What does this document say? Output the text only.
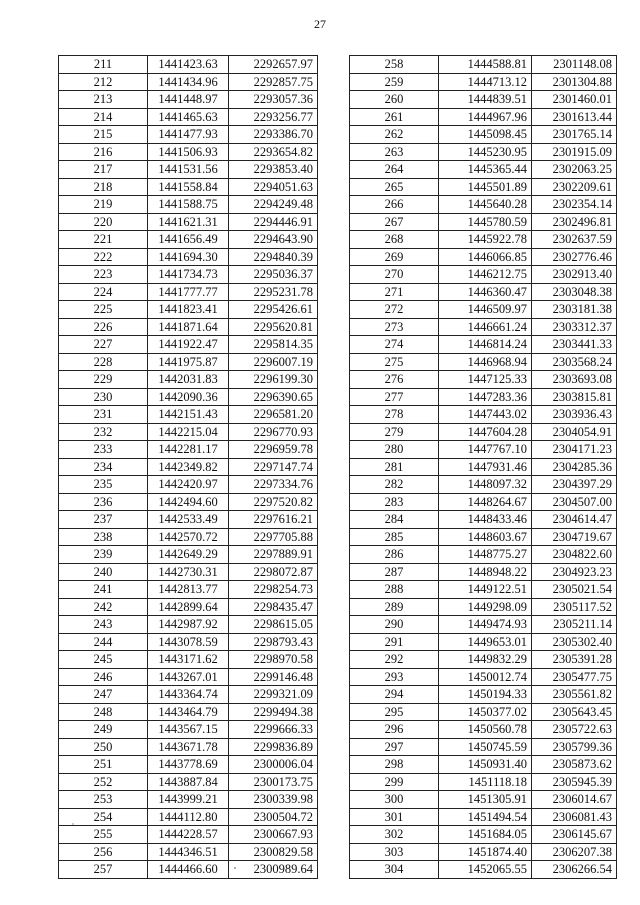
27
211	1441423.63	2292657.97
212	1441434.96	2292857.75
213	1441448.97	2293057.36
214	1441465.63	2293256.77
215	1441477.93	2293386.70
216	1441506.93	2293654.82
217	1441531.56	2293853.40
218	1441558.84	2294051.63
219	1441588.75	2294249.48
220	1441621.31	2294446.91
221	1441656.49	2294643.90
222	1441694.30	2294840.39
223	1441734.73	2295036.37
224	1441777.77	2295231.78
225	1441823.41	2295426.61
226	1441871.64	2295620.81
227	1441922.47	2295814.35
228	1441975.87	2296007.19
229	1442031.83	2296199.30
230	1442090.36	2296390.65
231	1442151.43	2296581.20
232	1442215.04	2296770.93
233	1442281.17	2296959.78
234	1442349.82	2297147.74
235	1442420.97	2297334.76
236	1442494.60	2297520.82
237	1442533.49	2297616.21
238	1442570.72	2297705.88
239	1442649.29	2297889.91
240	1442730.31	2298072.87
241	1442813.77	2298254.73
242	1442899.64	2298435.47
243	1442987.92	2298615.05
244	1443078.59	2298793.43
245	1443171.62	2298970.58
246	1443267.01	2299146.48
247	1443364.74	2299321.09
248	1443464.79	2299494.38
249	1443567.15	2299666.33
250	1443671.78	2299836.89
251	1443778.69	2300006.04
252	1443887.84	2300173.75
253	1443999.21	2300339.98
254	1444112.80	2300504.72
255	1444228.57	2300667.93
256	1444346.51	2300829.58
257	1444466.60	2300989.64
258	1444588.81	2301148.08
259	1444713.12	2301304.88
260	1444839.51	2301460.01
261	1444967.96	2301613.44
262	1445098.45	2301765.14
263	1445230.95	2301915.09
264	1445365.44	2302063.25
265	1445501.89	2302209.61
266	1445640.28	2302354.14
267	1445780.59	2302496.81
268	1445922.78	2302637.59
269	1446066.85	2302776.46
270	1446212.75	2302913.40
271	1446360.47	2303048.38
272	1446509.97	2303181.38
273	1446661.24	2303312.37
274	1446814.24	2303441.33
275	1446968.94	2303568.24
276	1447125.33	2303693.08
277	1447283.36	2303815.81
278	1447443.02	2303936.43
279	1447604.28	2304054.91
280	1447767.10	2304171.23
281	1447931.46	2304285.36
282	1448097.32	2304397.29
283	1448264.67	2304507.00
284	1448433.46	2304614.47
285	1448603.67	2304719.67
286	1448775.27	2304822.60
287	1448948.22	2304923.23
288	1449122.51	2305021.54
289	1449298.09	2305117.52
290	1449474.93	2305211.14
291	1449653.01	2305302.40
292	1449832.29	2305391.28
293	1450012.74	2305477.75
294	1450194.33	2305561.82
295	1450377.02	2305643.45
296	1450560.78	2305722.63
297	1450745.59	2305799.36
298	1450931.40	2305873.62
299	1451118.18	2305945.39
300	1451305.91	2306014.67
301	1451494.54	2306081.43
302	1451684.05	2306145.67
303	1451874.40	2306207.38
304	1452065.55	2306266.54
